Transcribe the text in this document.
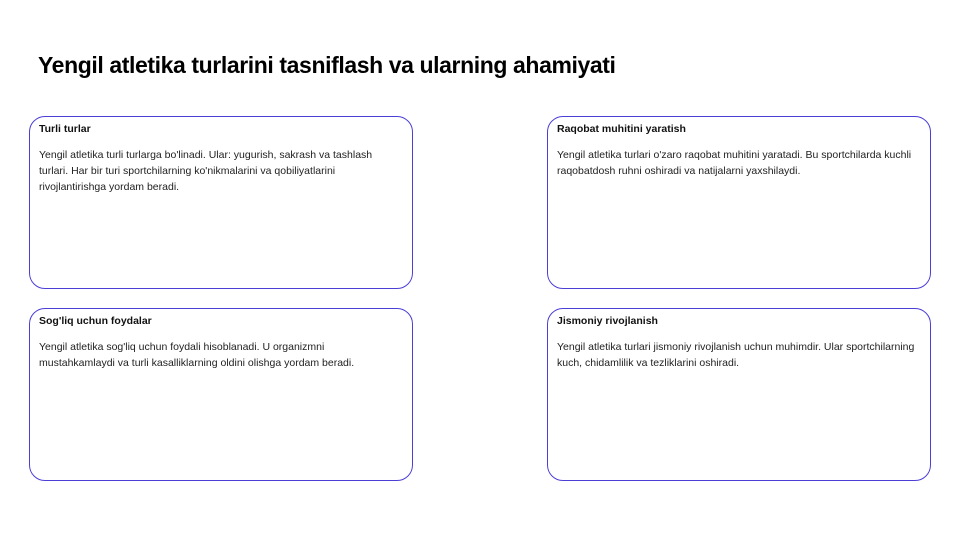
Yengil atletika turlarini tasniflash va ularning ahamiyati

Turli turlar

Yengil atletika turli turlarga bo'linadi. Ular: yugurish, sakrash va tashlash turlari. Har bir turi sportchilarning ko'nikmalarini va qobiliyatlarini rivojlantirishga yordam beradi.

Raqobat muhitini yaratish

Yengil atletika turlari o'zaro raqobat muhitini yaratadi. Bu sportchilarda kuchli raqobatdosh ruhni oshiradi va natijalarni yaxshilaydi.

Sog'liq uchun foydalar

Yengil atletika sog'liq uchun foydali hisoblanadi. U organizmni mustahkamlaydi va turli kasalliklarning oldini olishga yordam beradi.

Jismoniy rivojlanish

Yengil atletika turlari jismoniy rivojlanish uchun muhimdir. Ular sportchilarning kuch, chidamlilik va tezliklarini oshiradi.
